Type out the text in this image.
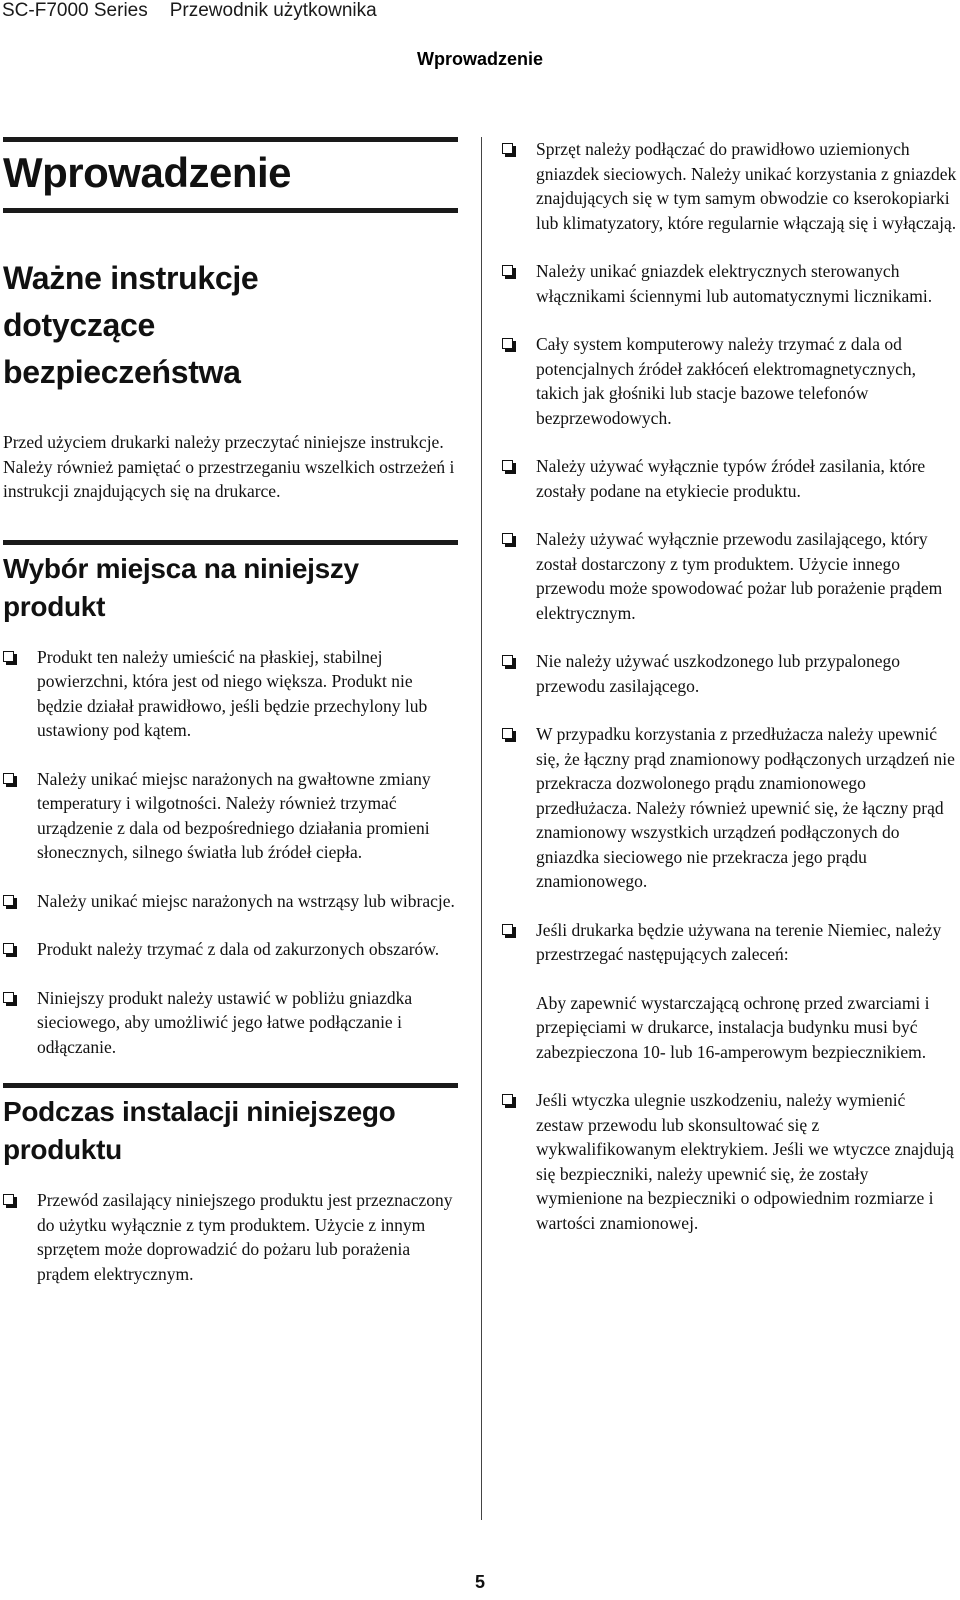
SC-F7000 Series Przewodnik użytkownika
Wprowadzenie
Wprowadzenie
Ważne instrukcje
dotyczące
bezpieczeństwa

Przed użyciem drukarki należy przeczytać niniejsze instrukcje. Należy również pamiętać o przestrzeganiu wszelkich ostrzeżeń i instrukcji znajdujących się na drukarce.

Wybór miejsca na niniejszy produkt
Produkt ten należy umieścić na płaskiej, stabilnej powierzchni, która jest od niego większa. Produkt nie będzie działał prawidłowo, jeśli będzie przechylony lub ustawiony pod kątem.
Należy unikać miejsc narażonych na gwałtowne zmiany temperatury i wilgotności. Należy również trzymać urządzenie z dala od bezpośredniego działania promieni słonecznych, silnego światła lub źródeł ciepła.
Należy unikać miejsc narażonych na wstrząsy lub wibracje.
Produkt należy trzymać z dala od zakurzonych obszarów.
Niniejszy produkt należy ustawić w pobliżu gniazdka sieciowego, aby umożliwić jego łatwe podłączanie i odłączanie.
Podczas instalacji niniejszego produktu
Przewód zasilający niniejszego produktu jest przeznaczony do użytku wyłącznie z tym produktem. Użycie z innym sprzętem może doprowadzić do pożaru lub porażenia prądem elektrycznym.
Sprzęt należy podłączać do prawidłowo uziemionych gniazdek sieciowych. Należy unikać korzystania z gniazdek znajdujących się w tym samym obwodzie co kserokopiarki lub klimatyzatory, które regularnie włączają się i wyłączają.
Należy unikać gniazdek elektrycznych sterowanych włącznikami ściennymi lub automatycznymi licznikami.
Cały system komputerowy należy trzymać z dala od potencjalnych źródeł zakłóceń elektromagnetycznych, takich jak głośniki lub stacje bazowe telefonów bezprzewodowych.
Należy używać wyłącznie typów źródeł zasilania, które zostały podane na etykiecie produktu.
Należy używać wyłącznie przewodu zasilającego, który został dostarczony z tym produktem. Użycie innego przewodu może spowodować pożar lub porażenie prądem elektrycznym.
Nie należy używać uszkodzonego lub przypalonego przewodu zasilającego.
W przypadku korzystania z przedłużacza należy upewnić się, że łączny prąd znamionowy podłączonych urządzeń nie przekracza dozwolonego prądu znamionowego przedłużacza. Należy również upewnić się, że łączny prąd znamionowy wszystkich urządzeń podłączonych do gniazdka sieciowego nie przekracza jego prądu znamionowego.
Jeśli drukarka będzie używana na terenie Niemiec, należy przestrzegać następujących zaleceń:
Aby zapewnić wystarczającą ochronę przed zwarciami i przepięciami w drukarce, instalacja budynku musi być zabezpieczona 10- lub 16-amperowym bezpiecznikiem.
Jeśli wtyczka ulegnie uszkodzeniu, należy wymienić zestaw przewodu lub skonsultować się z wykwalifikowanym elektrykiem. Jeśli we wtyczce znajdują się bezpieczniki, należy upewnić się, że zostały wymienione na bezpieczniki o odpowiednim rozmiarze i wartości znamionowej.
5
